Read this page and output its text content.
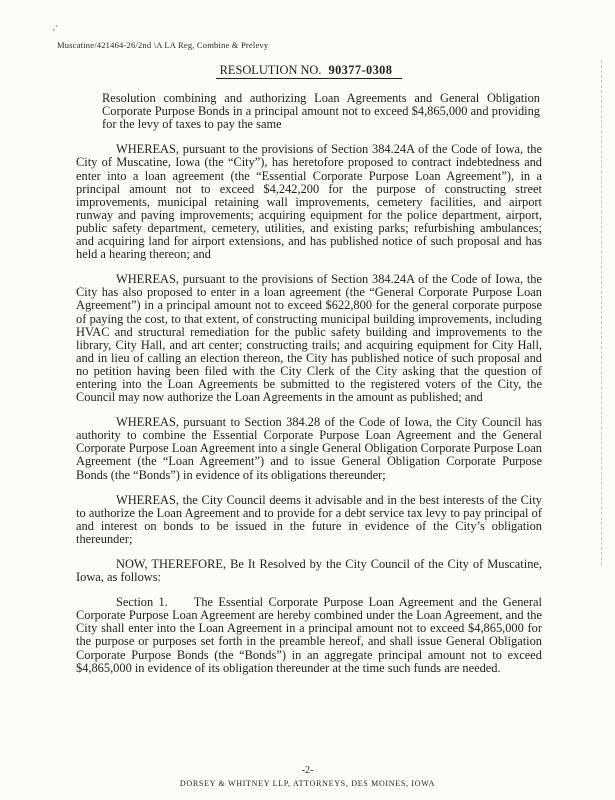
·˙
Muscatine/421464-26/2nd \A LA Reg, Combine & Prelevy
RESOLUTION NO. 90377-0308

Resolution combining and authorizing Loan Agreements and General Obligation Corporate Purpose Bonds in a principal amount not to exceed $4,865,000 and providing for the levy of taxes to pay the same

WHEREAS, pursuant to the provisions of Section 384.24A of the Code of Iowa, the City of Muscatine, Iowa (the “City”), has heretofore proposed to contract indebtedness and enter into a loan agreement (the “Essential Corporate Purpose Loan Agreement”), in a principal amount not to exceed $4,242,200 for the purpose of constructing street improvements, municipal retaining wall improvements, cemetery facilities, and airport runway and paving improvements; acquiring equipment for the police department, airport, public safety department, cemetery, utilities, and existing parks; refurbishing ambulances; and acquiring land for airport extensions, and has published notice of such proposal and has held a hearing thereon; and

WHEREAS, pursuant to the provisions of Section 384.24A of the Code of Iowa, the City has also proposed to enter in a loan agreement (the “General Corporate Purpose Loan Agreement”) in a principal amount not to exceed $622,800 for the general corporate purpose of paying the cost, to that extent, of constructing municipal building improvements, including HVAC and structural remediation for the public safety building and improvements to the library, City Hall, and art center; constructing trails; and acquiring equipment for City Hall, and in lieu of calling an election thereon, the City has published notice of such proposal and no petition having been filed with the City Clerk of the City asking that the question of entering into the Loan Agreements be submitted to the registered voters of the City, the Council may now authorize the Loan Agreements in the amount as published; and

WHEREAS, pursuant to Section 384.28 of the Code of Iowa, the City Council has authority to combine the Essential Corporate Purpose Loan Agreement and the General Corporate Purpose Loan Agreement into a single General Obligation Corporate Purpose Loan Agreement (the “Loan Agreement”) and to issue General Obligation Corporate Purpose Bonds (the “Bonds”) in evidence of its obligations thereunder;

WHEREAS, the City Council deems it advisable and in the best interests of the City to authorize the Loan Agreement and to provide for a debt service tax levy to pay principal of and interest on bonds to be issued in the future in evidence of the City’s obligation thereunder;

NOW, THEREFORE, Be It Resolved by the City Council of the City of Muscatine, Iowa, as follows:

Section 1. The Essential Corporate Purpose Loan Agreement and the General Corporate Purpose Loan Agreement are hereby combined under the Loan Agreement, and the City shall enter into the Loan Agreement in a principal amount not to exceed $4,865,000 for the purpose or purposes set forth in the preamble hereof, and shall issue General Obligation Corporate Purpose Bonds (the “Bonds”) in an aggregate principal amount not to exceed $4,865,000 in evidence of its obligation thereunder at the time such funds are needed.

-2-
DORSEY & WHITNEY LLP, ATTORNEYS, DES MOINES, IOWA
